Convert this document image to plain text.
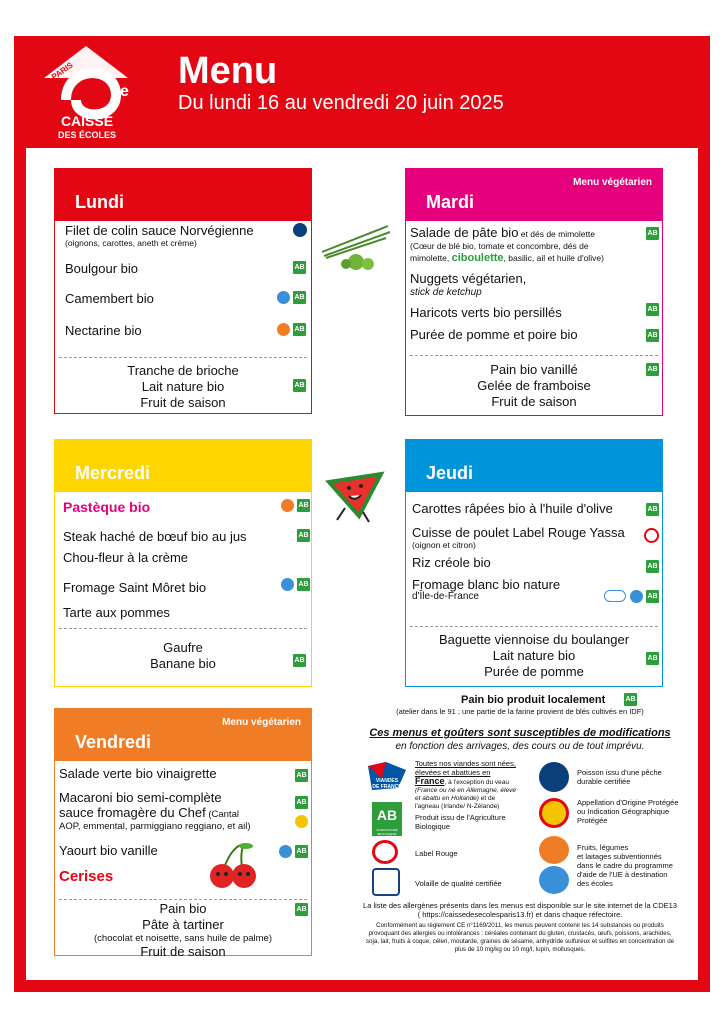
PARIS
e
13
CAISSE
DES ÉCOLES
Menu
Du lundi 16 au vendredi 20 juin 2025
Lundi
Filet de colin sauce Norvégienne
(oignons, carottes, aneth et crème)
Boulgour bio
Camembert bio
Nectarine bio
AB
AB
AB
Tranche de brioche
Lait nature bio
Fruit de saison
AB
Menu végétarien
Mardi
Salade de pâte bio et dés de mimolette
(Cœur de blé bio, tomate et concombre, dés de
mimolette, ciboulette, basilic, ail et huile d'olive)
Nuggets végétarien,
stick de ketchup
Haricots verts bio persillés
Purée de pomme et poire bio
AB
AB
AB
Pain bio vanillé
Gelée de framboise
Fruit de saison
AB
Mercredi
Pastèque bio
Steak haché de bœuf bio au jus
Chou-fleur à la crème
Fromage Saint Môret bio
Tarte aux pommes
AB
AB
AB
Gaufre
Banane bio	AB
Jeudi
Carottes râpées bio à l'huile d'olive
Cuisse de poulet Label Rouge Yassa
(oignon et citron)
Riz créole bio
Fromage blanc bio nature
d'Île-de-France
AB
AB
AB
Baguette viennoise du boulanger
Lait nature bio
Purée de pomme
AB
Menu végétarien
Vendredi
Salade verte bio vinaigrette
Macaroni bio semi-complète
sauce fromagère du Chef (Cantal
AOP, emmental, parmiggiano reggiano, et ail)
Yaourt bio vanille
Cerises
AB
AB
AB
Pain bio
Pâte à tartiner
(chocolat et noisette, sans huile de palme)
Fruit de saison
AB
Pain bio produit localement	AB
(atelier dans le 91 ; une partie de la farine provient de blés cultivés en IDF)
Ces menus et goûters sont susceptibles de modifications
en fonction des arrivages, des cours ou de tout imprévu.
VIANDES
DE FRANCE
Toutes nos viandes sont nées,
élevées et abattues en
France, à l'exception du veau
(France ou né en Allemagne, élevé
et abattu en Hollande) et de
l'agneau (Irlande/ N-Zélande)
AB
AGRICULTURE BIOLOGIQUE
Produit issu de l'Agriculture
Biologique
Label Rouge
Volaille de qualité certifiée
Poisson issu d'une pêche
durable certifiée
Appellation d'Origine Protégée
ou Indication Géographique
Protégée
Fruits, légumes
et laitages subventionnés
dans le cadre du programme
d'aide de l'UE à destination
des écoles
La liste des allergènes présents dans les menus est disponible sur le site internet de la CDE13
( https://caissedesecolesparis13.fr) et dans chaque réfectoire.
Conformément au règlement CE n°1169/2011, les menus peuvent contenir les 14 substances ou produits
provoquant des allergies ou intolérances : céréales contenant du gluten, crustacés, œufs, poissons, arachides,
soja, lait, fruits à coque, céleri, moutarde, graines de sésame, anhydride sulfureux et sulfites en concentration de
plus de 10 mg/kg ou 10 mg/l, lupin, mollusques.
